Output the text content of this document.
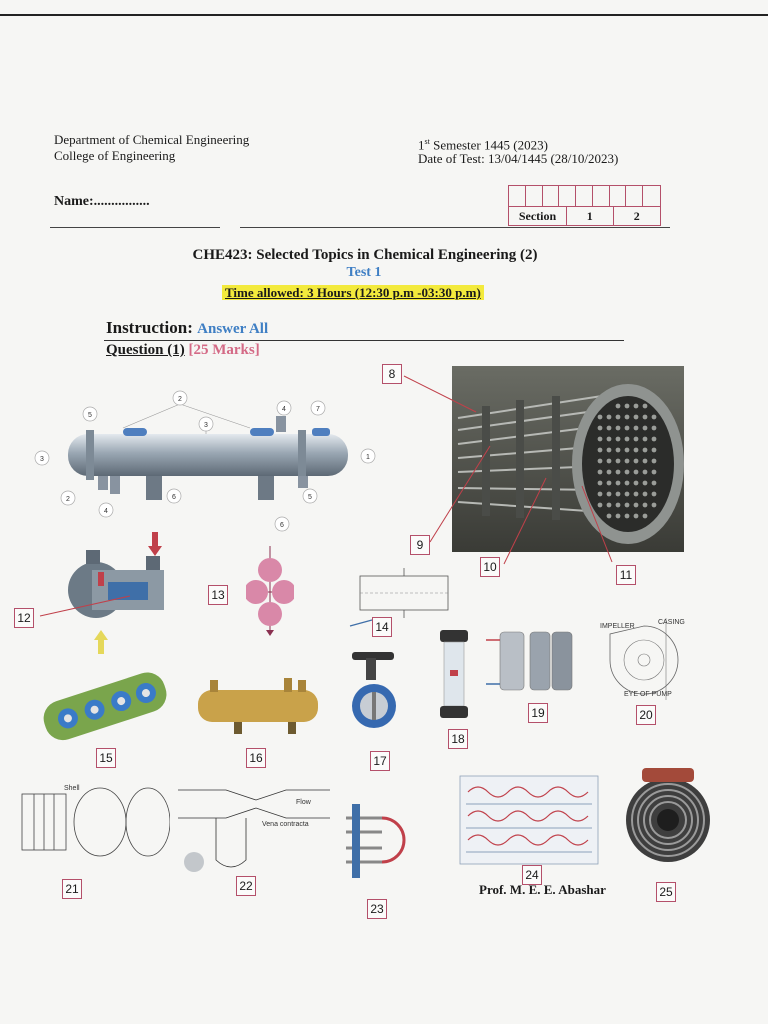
Department of Chemical Engineering
College of Engineering
1st Semester 1445 (2023)
Date of Test: 13/04/1445 (28/10/2023)
Name:................
Section	1	2
CHE423: Selected Topics in Chemical Engineering (2)
Test 1
Time allowed: 3 Hours (12:30 p.m -03:30 p.m)
Instruction: Answer All
Question (1) [25 Marks]
IMPELLER
CASING
EYE OF PUMP
Shell
Flow
Vena contracta
8
9
10
11
12
13
14
15	16	17
18
19	20
21	22
23
24
25
2
3
5
4	7
3	1
2
4
6	5
6
Prof. M. E. E. Abashar
